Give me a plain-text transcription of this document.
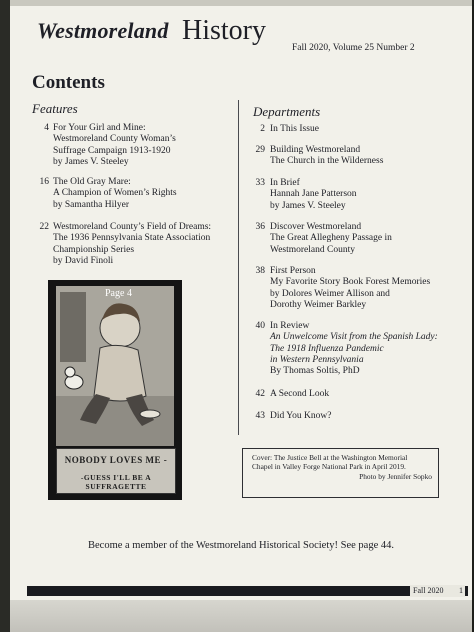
Westmoreland History
Fall 2020, Volume 25 Number 2
Contents
Features	Departments
4 For Your Girl and Mine:
Westmoreland County Woman’s
Suffrage Campaign 1913-1920
by James V. Steeley
16 The Old Gray Mare:
A Champion of Women’s Rights
by Samantha Hilyer
22 Westmoreland County’s Field of Dreams:
The 1936 Pennsylvania State Association
Championship Series
by David Finoli
NOBODY LOVES ME -
-GUESS I'LL BE A SUFFRAGETTE
Page 4
2 In This Issue
29 Building Westmoreland
The Church in the Wilderness
33 In Brief
Hannah Jane Patterson
by James V. Steeley
36 Discover Westmoreland
The Great Allegheny Passage in
Westmoreland County
38 First Person
My Favorite Story Book Forest Memories
by Dolores Weimer Allison and
Dorothy Weimer Barkley
40 In Review
An Unwelcome Visit from the Spanish Lady:
The 1918 Influenza Pandemic
in Western Pennsylvania
By Thomas Soltis, PhD
42 A Second Look
43 Did You Know?
Cover: The Justice Bell at the Washington Memorial
Chapel in Valley Forge National Park in April 2019.
Photo by Jennifer Sopko
Become a member of the Westmoreland Historical Society! See page 44.
Fall 2020 1
